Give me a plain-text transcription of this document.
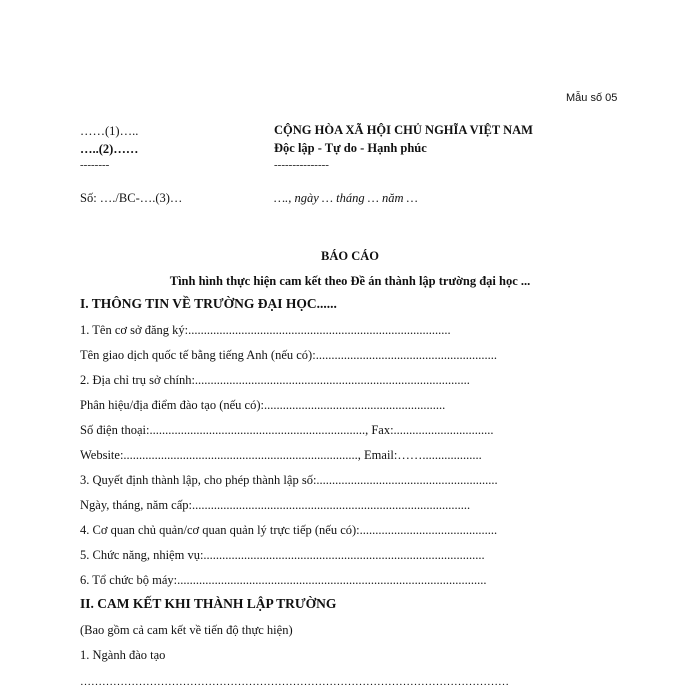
Mẫu số 05
……(1)…..
…..(2)……
--------
CỘNG HÒA XÃ HỘI CHỦ NGHĨA VIỆT NAM
Độc lập - Tự do - Hạnh phúc
---------------
Số: …./BC-….(3)…	…., ngày … tháng … năm …
BÁO CÁO
Tình hình thực hiện cam kết theo Đề án thành lập trường đại học ...
I. THÔNG TIN VỀ TRƯỜNG ĐẠI HỌC......
1. Tên cơ sở đăng ký:....................................................................................
Tên giao dịch quốc tế bằng tiếng Anh (nếu có):..........................................................
2. Địa chỉ trụ sở chính:........................................................................................
Phân hiệu/địa điểm đào tạo (nếu có):..........................................................
Số điện thoại:....................................................................., Fax:................................
Website:..........................................................................., Email:……...................
3. Quyết định thành lập, cho phép thành lập số:..........................................................
Ngày, tháng, năm cấp:.........................................................................................
4. Cơ quan chủ quản/cơ quan quản lý trực tiếp (nếu có):............................................
5. Chức năng, nhiệm vụ:..........................................................................................
6. Tổ chức bộ máy:...................................................................................................
II. CAM KẾT KHI THÀNH LẬP TRƯỜNG
(Bao gồm cả cam kết về tiến độ thực hiện)
1. Ngành đào tạo
………………………………………………………………………………………………………
